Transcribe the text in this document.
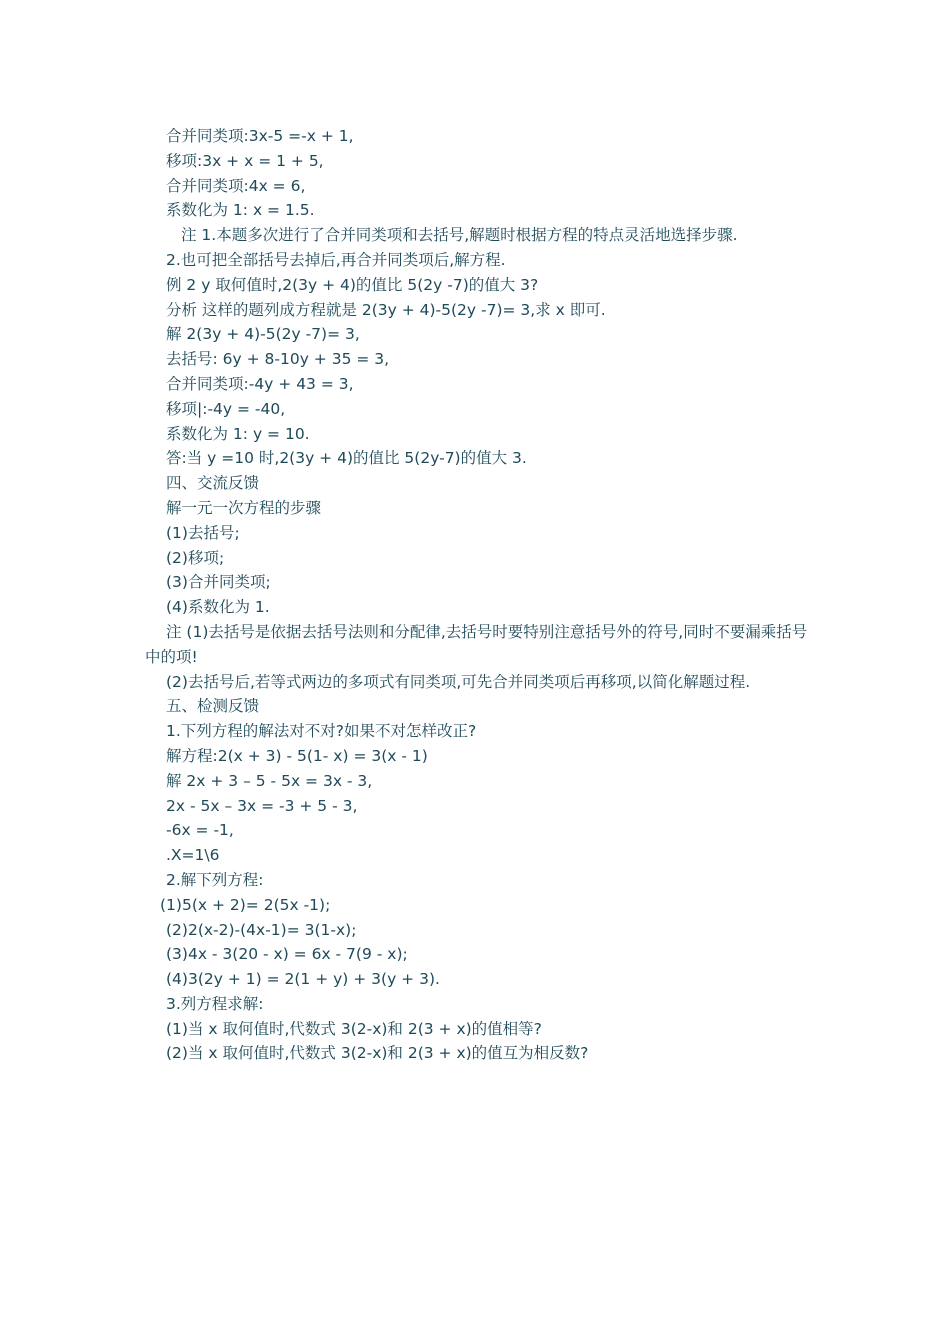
合并同类项:3x-5 =-x + 1,
移项:3x + x = 1 + 5,
合并同类项:4x = 6,
系数化为 1: x = 1.5.
注 1.本题多次进行了合并同类项和去括号,解题时根据方程的特点灵活地选择步骤.
2.也可把全部括号去掉后,再合并同类项后,解方程.
例 2 y 取何值时,2(3y + 4)的值比 5(2y -7)的值大 3?
分析 这样的题列成方程就是 2(3y + 4)-5(2y -7)= 3,求 x 即可.
解 2(3y + 4)-5(2y -7)= 3,
去括号: 6y + 8-10y + 35 = 3,
合并同类项:-4y + 43 = 3,
移项|:-4y = -40,
系数化为 1: y = 10.
答:当 y =10 时,2(3y + 4)的值比 5(2y-7)的值大 3.
四、交流反馈
解一元一次方程的步骤
(1)去括号;
(2)移项;
(3)合并同类项;
(4)系数化为 1.
注 (1)去括号是依据去括号法则和分配律,去括号时要特别注意括号外的符号,同时不要漏乘括号中的项!
(2)去括号后,若等式两边的多项式有同类项,可先合并同类项后再移项,以简化解题过程.
五、检测反馈
1.下列方程的解法对不对?如果不对怎样改正?
解方程:2(x + 3) - 5(1- x) = 3(x - 1)
解 2x + 3 – 5 - 5x = 3x - 3,
2x - 5x – 3x = -3 + 5 - 3,
-6x = -1,
.X=1\6
2.解下列方程:
(1)5(x + 2)= 2(5x -1);
(2)2(x-2)-(4x-1)= 3(1-x);
(3)4x - 3(20 - x) = 6x - 7(9 - x);
(4)3(2y + 1) = 2(1 + y) + 3(y + 3).
3.列方程求解:
(1)当 x 取何值时,代数式 3(2-x)和 2(3 + x)的值相等?
(2)当 x 取何值时,代数式 3(2-x)和 2(3 + x)的值互为相反数?
